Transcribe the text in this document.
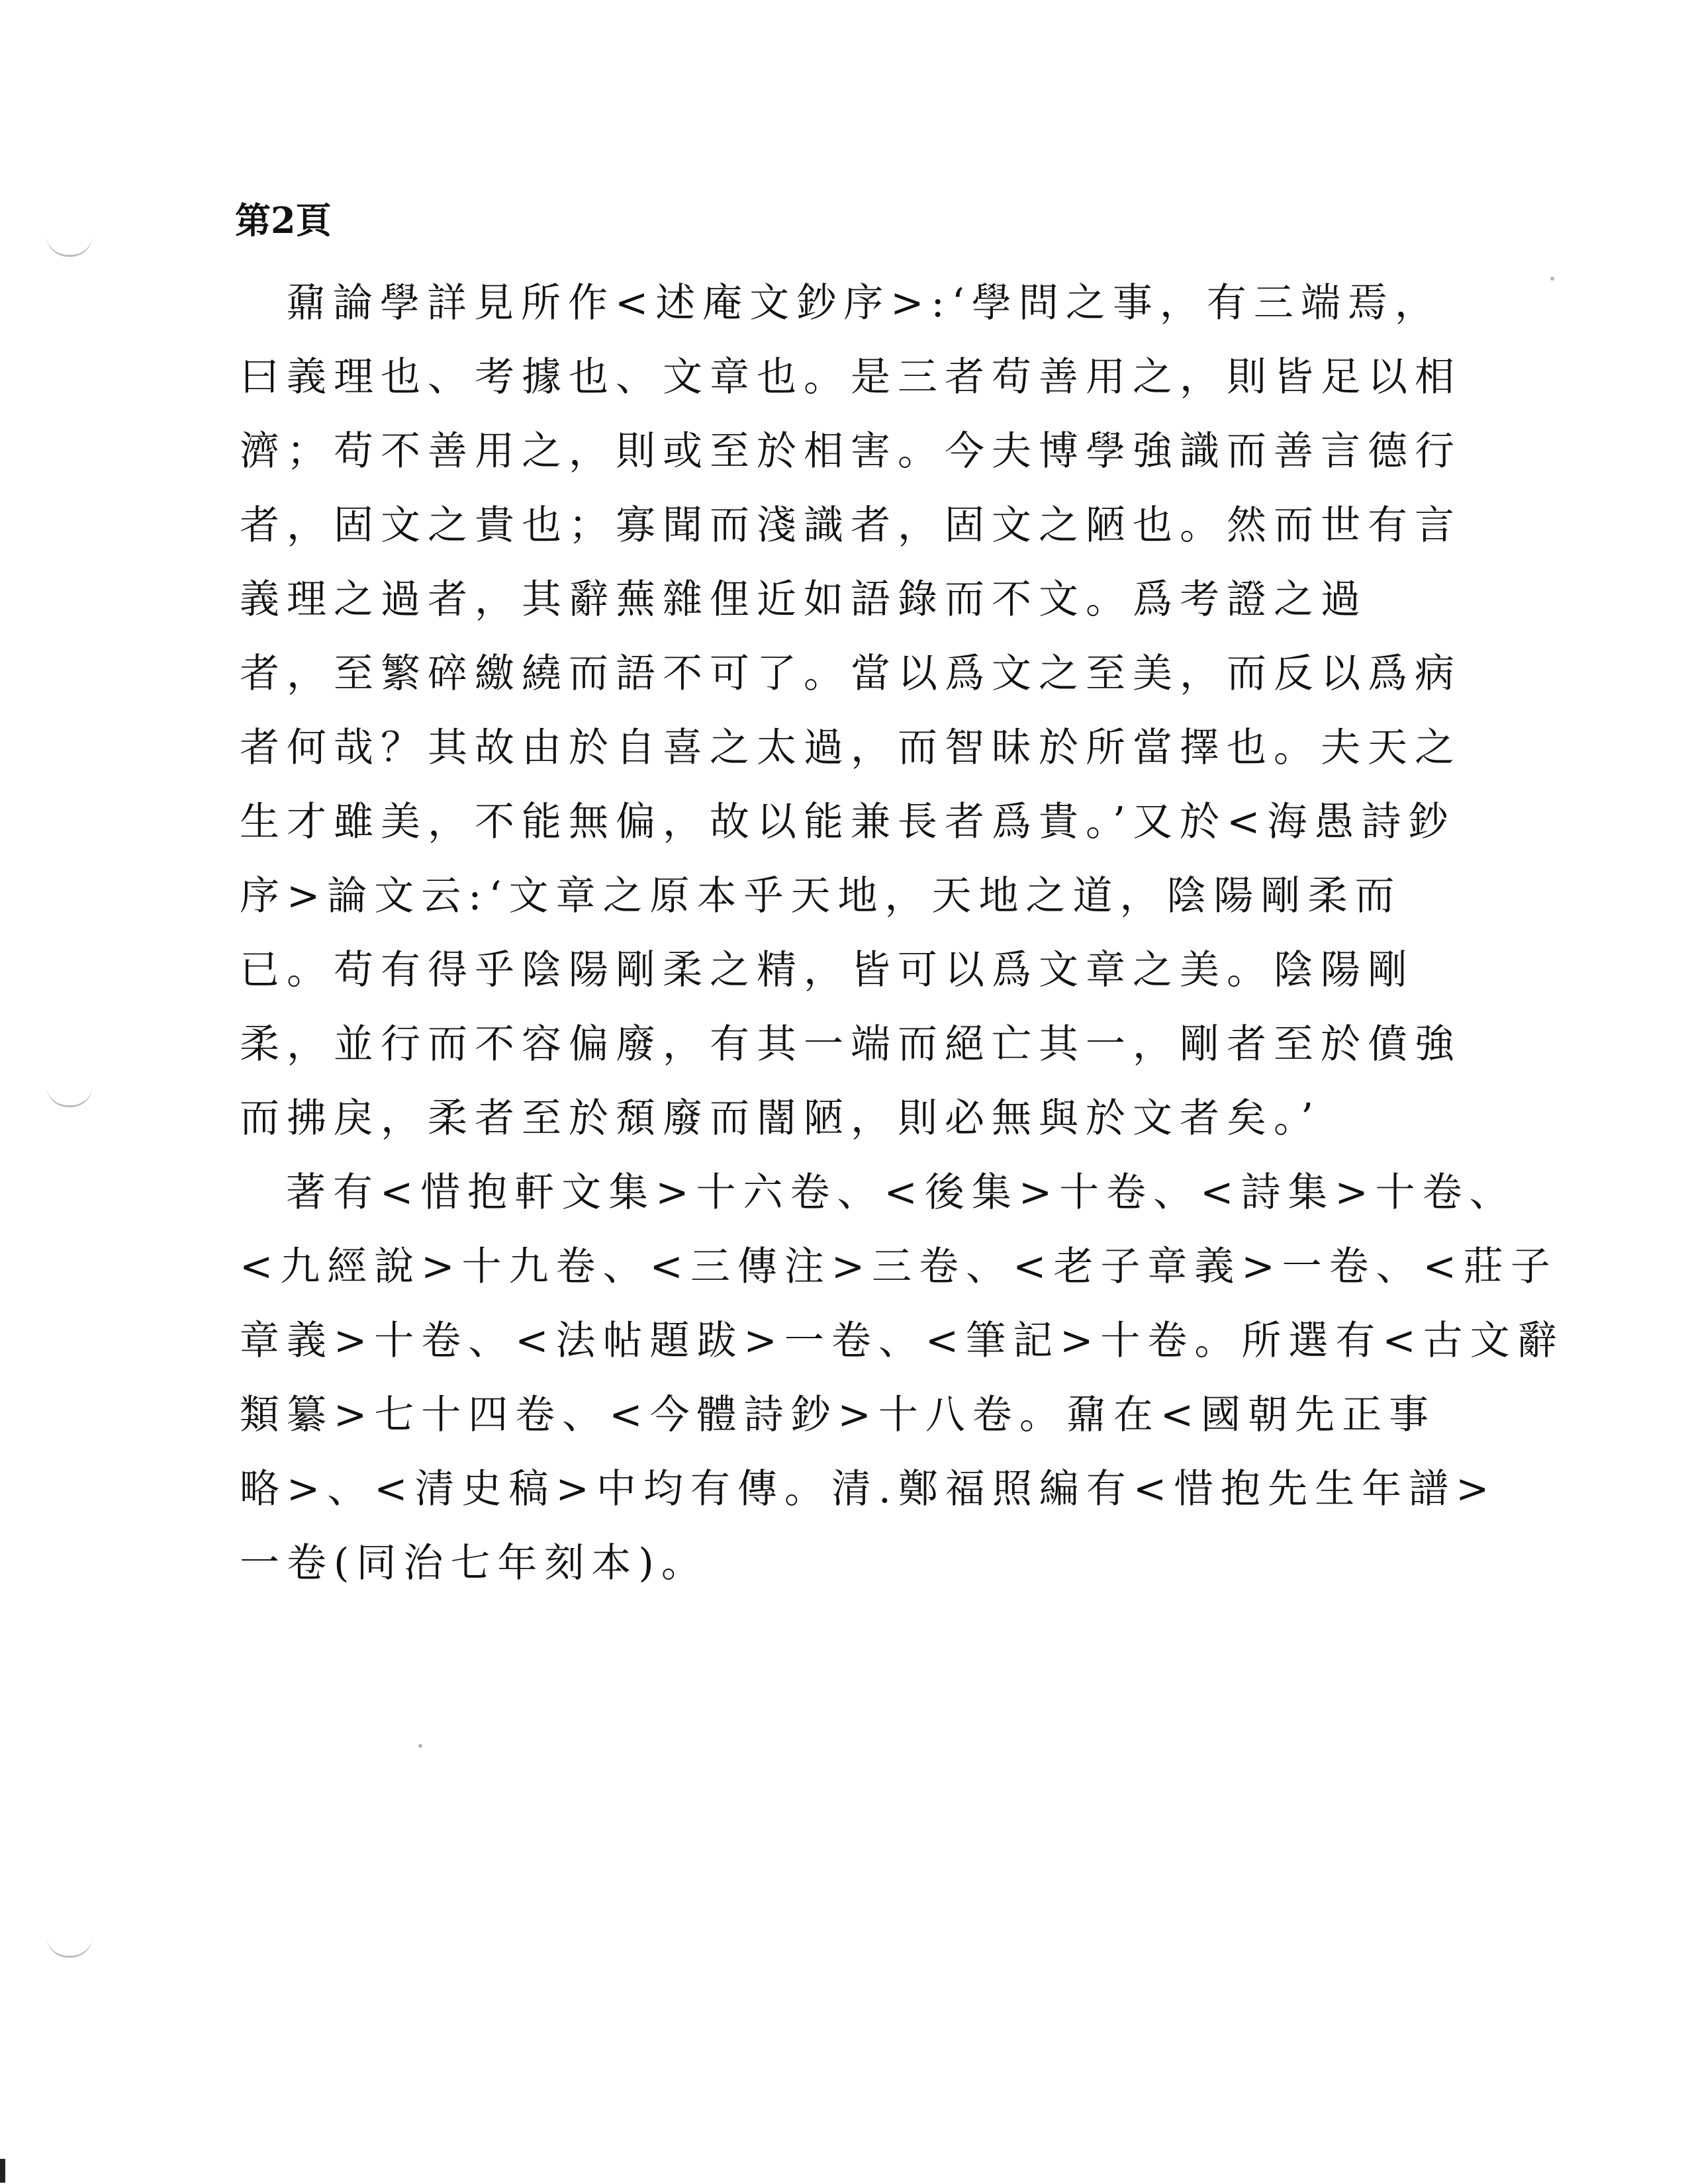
第2頁
鼐論學詳見所作<述庵文鈔序>:‘學問之事，有三端焉，
曰義理也、考據也、文章也。是三者苟善用之，則皆足以相
濟；苟不善用之，則或至於相害。今夫博學強識而善言德行
者，固文之貴也；寡聞而淺識者，固文之陋也。然而世有言
義理之過者，其辭蕪雜俚近如語錄而不文。爲考證之過
者，至繁碎繳繞而語不可了。當以爲文之至美，而反以爲病
者何哉？其故由於自喜之太過，而智昧於所當擇也。夫天之
生才雖美，不能無偏，故以能兼長者爲貴。’又於<海愚詩鈔
序>論文云:‘文章之原本乎天地，天地之道，陰陽剛柔而
已。苟有得乎陰陽剛柔之精，皆可以爲文章之美。陰陽剛
柔，並行而不容偏廢，有其一端而絕亡其一，剛者至於僨強
而拂戾，柔者至於頹廢而闇陋，則必無與於文者矣。’
著有<惜抱軒文集>十六卷、<後集>十卷、<詩集>十卷、
<九經說>十九卷、<三傳注>三卷、<老子章義>一卷、<莊子
章義>十卷、<法帖題跋>一卷、<筆記>十卷。所選有<古文辭
類纂>七十四卷、<今體詩鈔>十八卷。鼐在<國朝先正事
略>、<清史稿>中均有傳。清.鄭福照編有<惜抱先生年譜>
一卷(同治七年刻本)。
